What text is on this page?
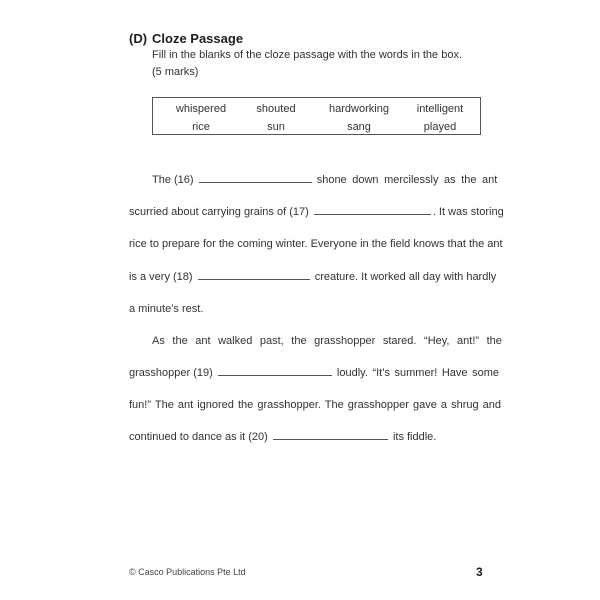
(D) Cloze Passage
Fill in the blanks of the cloze passage with the words in the box.
(5 marks)
whispered	shouted	hardworking	intelligent
rice	sun	sang	played
The (16)	shone down mercilessly as the ant
scurried about carrying grains of (17)	. It was storing
rice to prepare for the coming winter. Everyone in the field knows that the ant
is a very (18)	creature. It worked all day with hardly
a minute’s rest.
As the ant walked past, the grasshopper stared. “Hey, ant!” the
grasshopper (19)	loudly. “It’s summer! Have some
fun!” The ant ignored the grasshopper. The grasshopper gave a shrug and
continued to dance as it (20)	its fiddle.
© Casco Publications Pte Ltd	3
